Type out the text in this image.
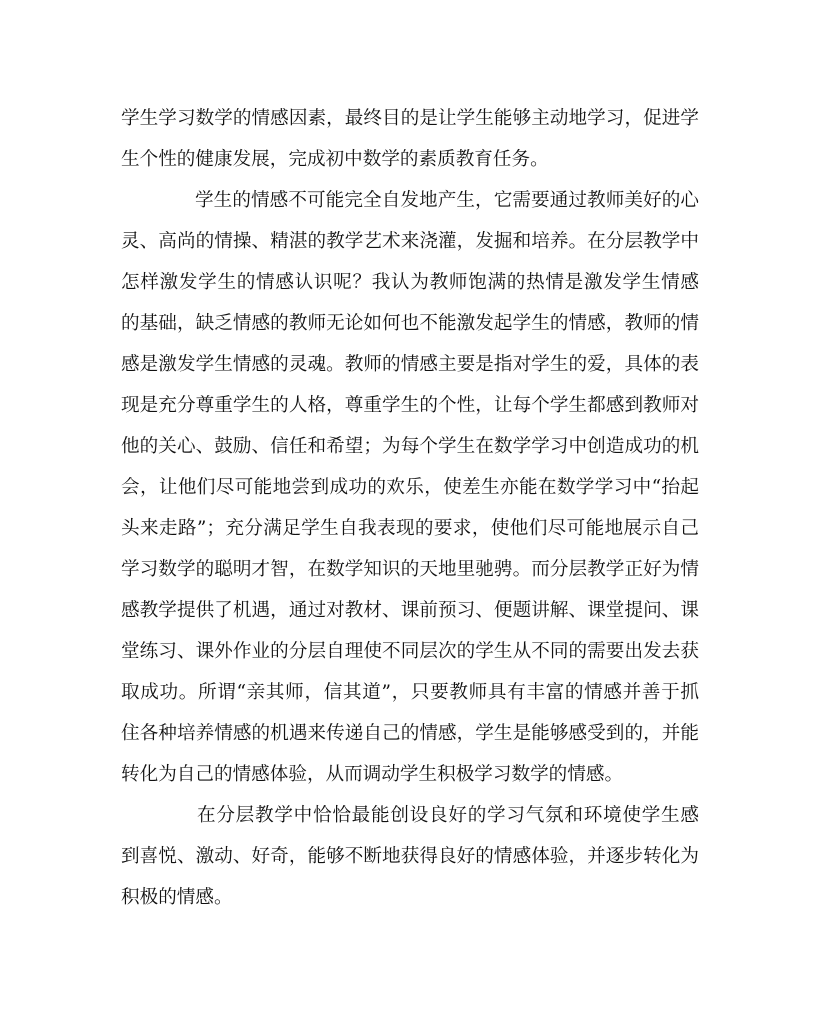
学生学习数学的情感因素，最终目的是让学生能够主动地学习，促进学
生个性的健康发展，完成初中数学的素质教育任务。
学生的情感不可能完全自发地产生，它需要通过教师美好的心
灵、高尚的情操、精湛的教学艺术来浇灌，发掘和培养。在分层教学中
怎样激发学生的情感认识呢？我认为教师饱满的热情是激发学生情感
的基础，缺乏情感的教师无论如何也不能激发起学生的情感，教师的情
感是激发学生情感的灵魂。教师的情感主要是指对学生的爱，具体的表
现是充分尊重学生的人格，尊重学生的个性，让每个学生都感到教师对
他的关心、鼓励、信任和希望；为每个学生在数学学习中创造成功的机
会，让他们尽可能地尝到成功的欢乐，使差生亦能在数学学习中“抬起
头来走路”；充分满足学生自我表现的要求，使他们尽可能地展示自己
学习数学的聪明才智，在数学知识的天地里驰骋。而分层教学正好为情
感教学提供了机遇，通过对教材、课前预习、便题讲解、课堂提问、课
堂练习、课外作业的分层自理使不同层次的学生从不同的需要出发去获
取成功。所谓“亲其师，信其道”，只要教师具有丰富的情感并善于抓
住各种培养情感的机遇来传递自己的情感，学生是能够感受到的，并能
转化为自己的情感体验，从而调动学生积极学习数学的情感。
在分层教学中恰恰最能创设良好的学习气氛和环境使学生感
到喜悦、激动、好奇，能够不断地获得良好的情感体验，并逐步转化为
积极的情感。
